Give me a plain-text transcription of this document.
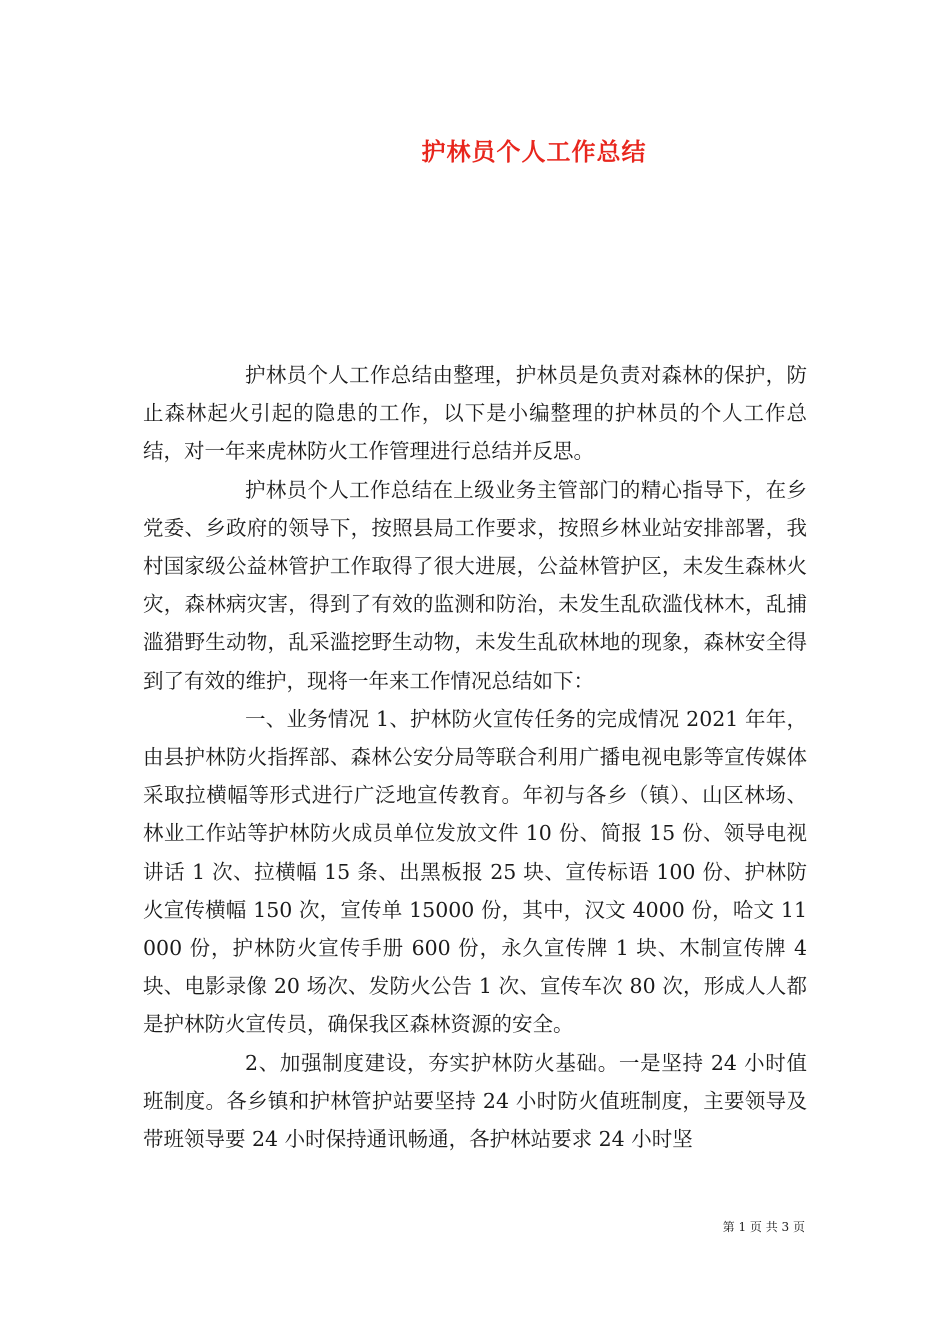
护林员个人工作总结

护林员个人工作总结由整理，护林员是负责对森林的保护，防止森林起火引起的隐患的工作，以下是小编整理的护林员的个人工作总结，对一年来虎林防火工作管理进行总结并反思。

护林员个人工作总结在上级业务主管部门的精心指导下，在乡党委、乡政府的领导下，按照县局工作要求，按照乡林业站安排部署，我村国家级公益林管护工作取得了很大进展，公益林管护区，未发生森林火灾，森林病灾害，得到了有效的监测和防治，未发生乱砍滥伐林木，乱捕滥猎野生动物，乱采滥挖野生动物，未发生乱砍林地的现象，森林安全得到了有效的维护，现将一年来工作情况总结如下：

一、业务情况 1、护林防火宣传任务的完成情况 2021 年年，由县护林防火指挥部、森林公安分局等联合利用广播电视电影等宣传媒体采取拉横幅等形式进行广泛地宣传教育。年初与各乡（镇）、山区林场、林业工作站等护林防火成员单位发放文件 10 份、简报 15 份、领导电视讲话 1 次、拉横幅 15 条、出黑板报 25 块、宣传标语 100 份、护林防火宣传横幅 150 次，宣传单 15000 份，其中，汉文 4000 份，哈文 11000 份，护林防火宣传手册 600 份，永久宣传牌 1 块、木制宣传牌 4 块、电影录像 20 场次、发防火公告 1 次、宣传车次 80 次，形成人人都是护林防火宣传员，确保我区森林资源的安全。

2、加强制度建设，夯实护林防火基础。一是坚持 24 小时值班制度。各乡镇和护林管护站要坚持 24 小时防火值班制度，主要领导及带班领导要 24 小时保持通讯畅通，各护林站要求 24 小时坚

第 1 页 共 3 页
